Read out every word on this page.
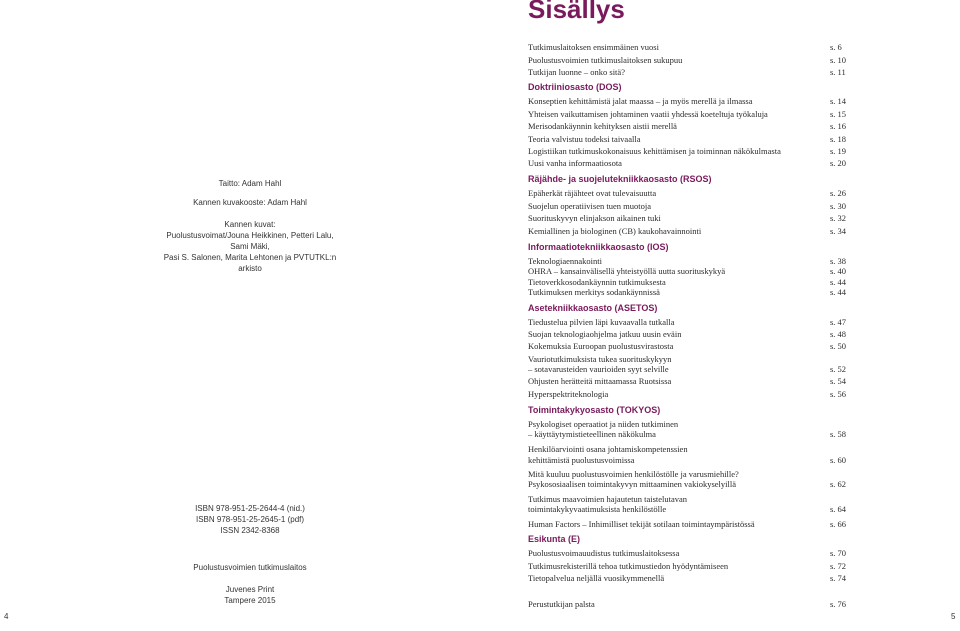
Sisällys

Taitto: Adam Hahl

Kannen kuvakooste: Adam Hahl

Kannen kuvat:

Puolustusvoimat/Jouna Heikkinen, Petteri Lalu, Sami Mäki,

Pasi S. Salonen, Marita Lehtonen ja PVTUTKL:n arkisto

ISBN 978-951-25-2644-4 (nid.)

ISBN 978-951-25-2645-1 (pdf)

ISSN 2342-8368

Puolustusvoimien tutkimuslaitos

Juvenes Print

Tampere 2015

Tutkimuslaitoksen ensimmäinen vuosi	s. 6
Puolustusvoimien tutkimuslaitoksen sukupuu	s. 10
Tutkijan luonne – onko sitä?	s. 11
Doktriiniosasto (DOS)
Konseptien kehittämistä jalat maassa – ja myös merellä ja ilmassa	s. 14
Yhteisen vaikuttamisen johtaminen vaatii yhdessä koeteltuja työkaluja	s. 15
Merisodankäynnin kehityksen aistii merellä	s. 16
Teoria valvistuu todeksi taivaalla	s. 18
Logistiikan tutkimuskokonaisuus kehittämisen ja toiminnan näkökulmasta	s. 19
Uusi vanha informaatiosota	s. 20
Räjähde- ja suojelutekniikkaosasto (RSOS)
Epäherkät räjähteet ovat tulevaisuutta	s. 26
Suojelun operatiivisen tuen muotoja	s. 30
Suorituskyvyn elinjakson aikainen tuki	s. 32
Kemiallinen ja biologinen (CB) kaukohavainnointi	s. 34
Informaatiotekniikkaosasto (IOS)
Teknologiaennakointi	s. 38
OHRA – kansainvälisellä yhteistyöllä uutta suorituskykyä	s. 40
Tietoverkkosodankäynnin tutkimuksesta	s. 44
Tutkimuksen merkitys sodankäynnissä	s. 44
Asetekniikkaosasto (ASETOS)
Tiedustelua pilvien läpi kuvaavalla tutkalla	s. 47
Suojan teknologiaohjelma jatkuu uusin eväin	s. 48
Kokemuksia Euroopan puolustusvirastosta	s. 50
Vauriotutkimuksista tukea suorituskykyyn
– sotavarusteiden vaurioiden syyt selville	s. 52
Ohjusten herätteitä mittaamassa Ruotsissa	s. 54
Hyperspektriteknologia	s. 56
Toimintakykyosasto (TOKYOS)
Psykologiset operaatiot ja niiden tutkiminen
– käyttäytymistieteellinen näkökulma	s. 58
Henkilöarviointi osana johtamiskompetenssien
kehittämistä puolustusvoimissa	s. 60
Mitä kuuluu puolustusvoimien henkilöstölle ja varusmiehille?
Psykososiaalisen toimintakyvyn mittaaminen vakiokyselyillä	s. 62
Tutkimus maavoimien hajautetun taistelutavan
toimintakykyvaatimuksista henkilöstölle	s. 64
Human Factors – Inhimilliset tekijät sotilaan toimintaympäristössä	s. 66
Esikunta (E)
Puolustusvoimauudistus tutkimuslaitoksessa	s. 70
Tutkimusrekisterillä tehoa tutkimustiedon hyödyntämiseen	s. 72
Tietopalvelua neljällä vuosikymmenellä	s. 74
Perustutkijan palsta	s. 76
4	5
